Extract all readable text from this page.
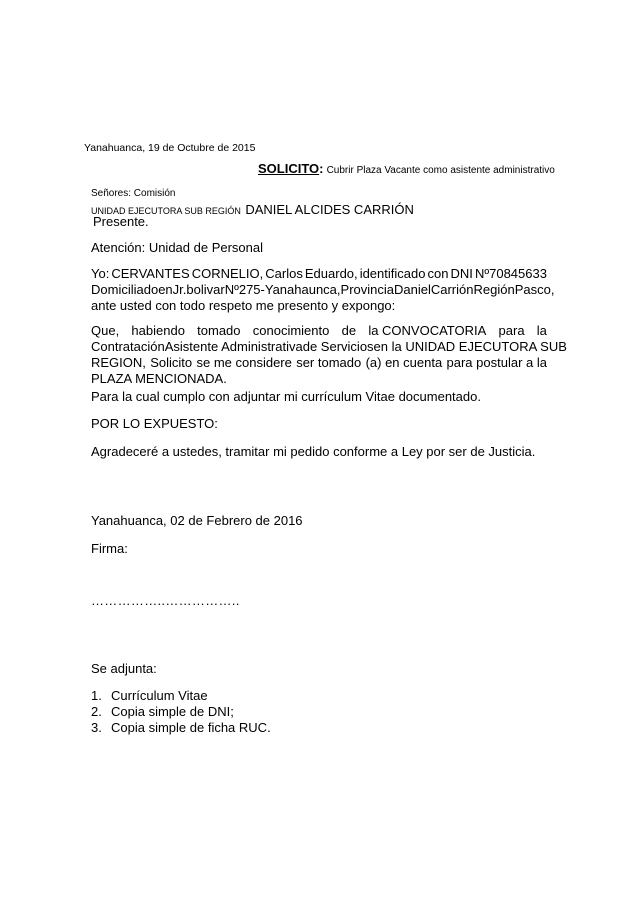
Yanahuanca, 19 de Octubre de 2015
SOLICITO: Cubrir Plaza Vacante como asistente administrativo
Señores: Comisión
UNIDAD EJECUTORA SUB REGIÓN DANIEL ALCIDES CARRIÓN
Presente.
Atención: Unidad de Personal
Yo: CERVANTES CORNELIO, Carlos Eduardo, identificado con DNI Nº70845633
Domiciliado en Jr.bolivar Nº 275-Yanahaunca, Provincia Daniel Carrión Región Pasco,
ante usted con todo respeto me presento y expongo:
Que, habiendo tomado conocimiento de la CONVOCATORIA para la
Contratación Asistente Administrativa de Servicios en la UNIDAD EJECUTORA SUB
REGION, Solicito se me considere ser tomado (a) en cuenta para postular a la
PLAZA MENCIONADA.
Para la cual cumplo con adjuntar mi currículum Vitae documentado.
POR LO EXPUESTO:
Agradeceré a ustedes, tramitar mi pedido conforme a Ley por ser de Justicia.
Yanahuanca, 02 de Febrero de 2016
Firma:
……………..……………..
Se adjunta:
1. Currículum Vitae
2. Copia simple de DNI;
3. Copia simple de ficha RUC.
